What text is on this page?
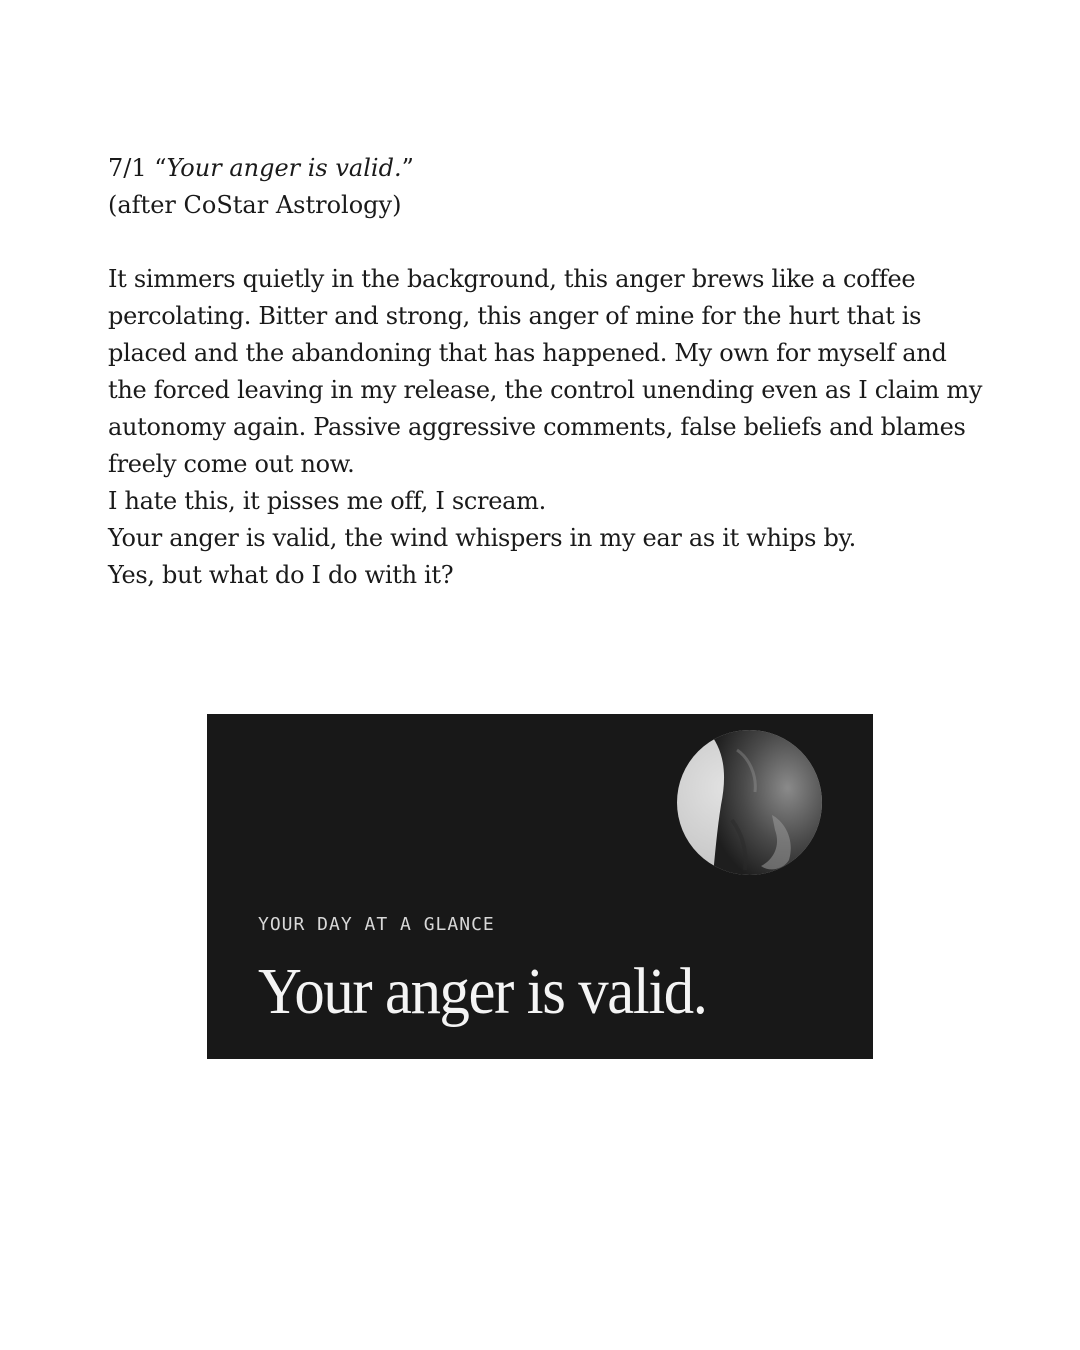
7/1 “Your anger is valid.”
(after CoStar Astrology)

It simmers quietly in the background, this anger brews like a coffee percolating. Bitter and strong, this anger of mine for the hurt that is placed and the abandoning that has happened. My own for myself and the forced leaving in my release, the control unending even as I claim my autonomy again. Passive aggressive comments, false beliefs and blames freely come out now.

I hate this, it pisses me off, I scream.

Your anger is valid, the wind whispers in my ear as it whips by.

Yes, but what do I do with it?

YOUR DAY AT A GLANCE
Your anger is valid.
